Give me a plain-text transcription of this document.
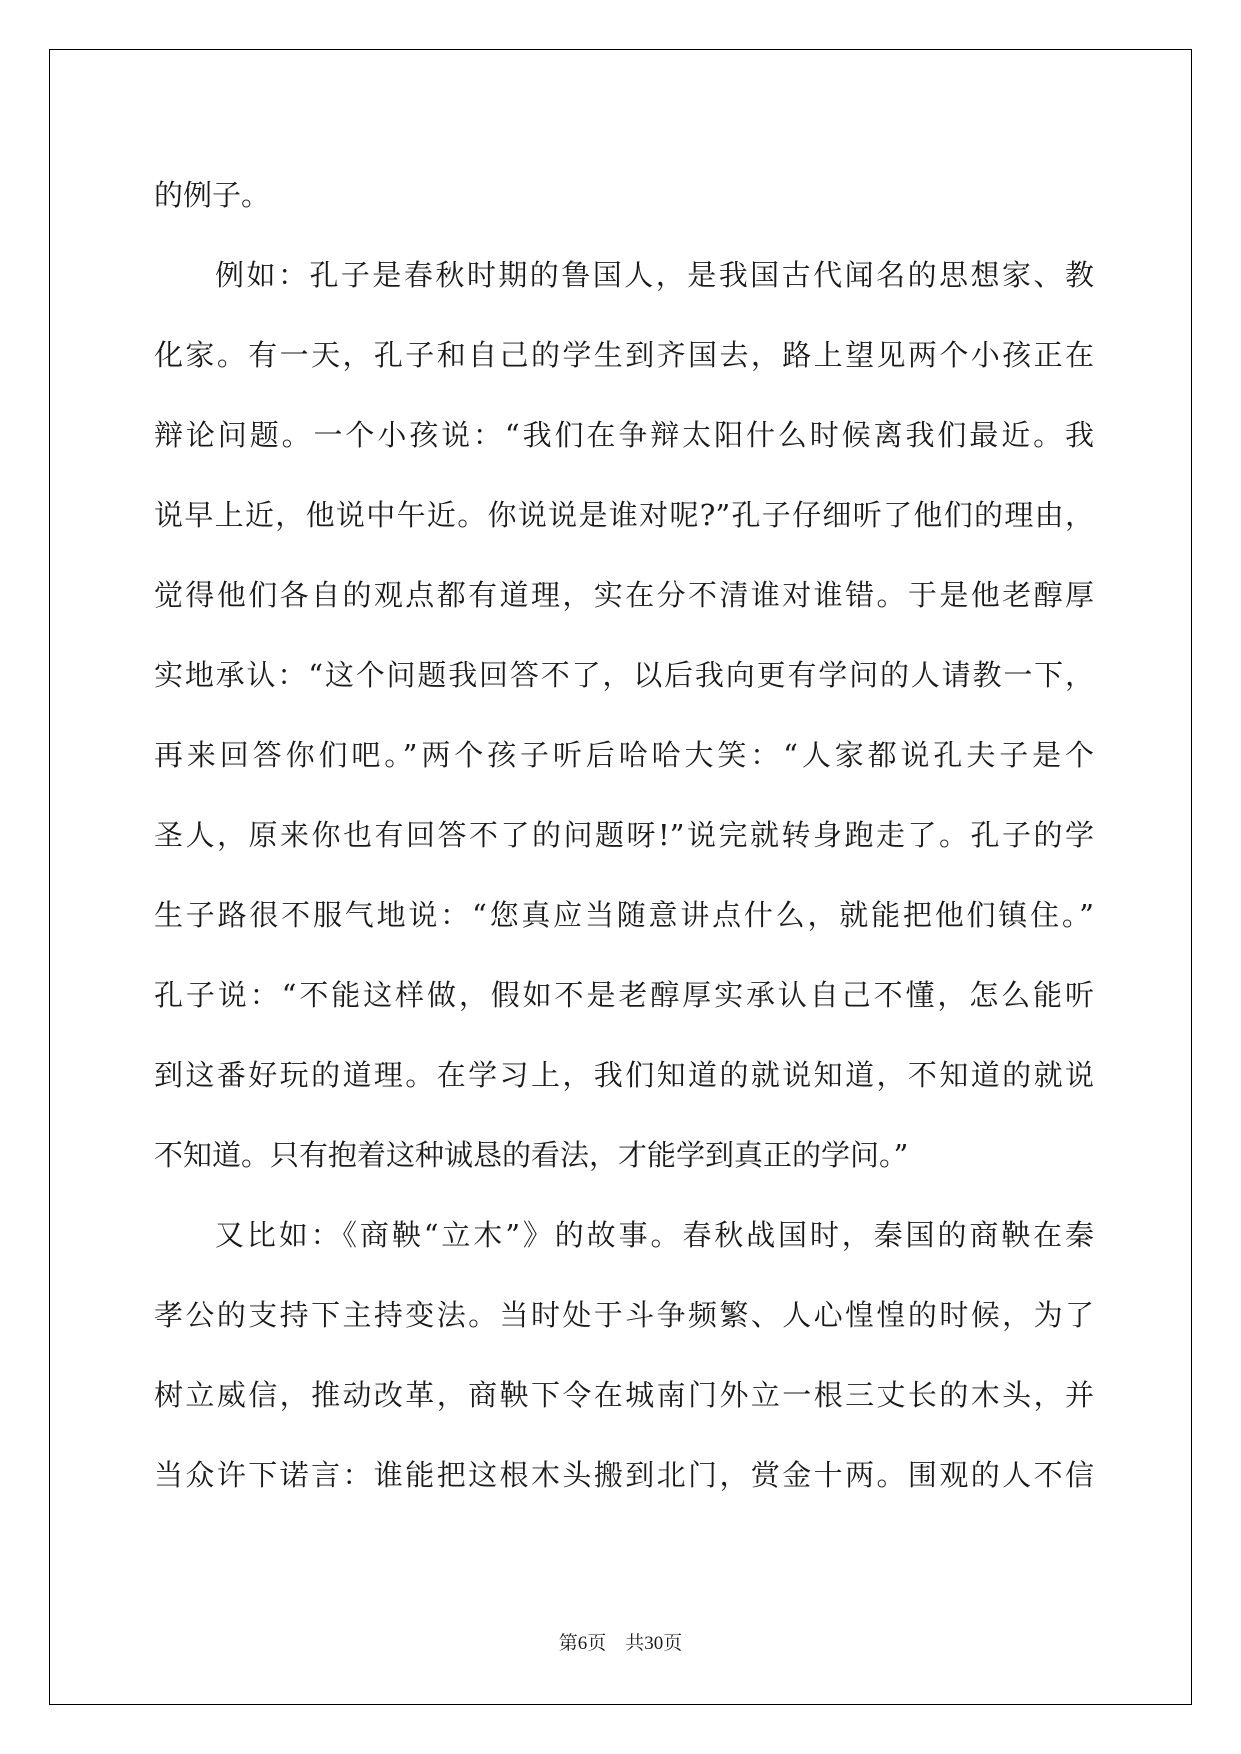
的例子。
例如：孔子是春秋时期的鲁国人，是我国古代闻名的思想家、教
化家。有一天，孔子和自己的学生到齐国去，路上望见两个小孩正在
辩论问题。一个小孩说：“我们在争辩太阳什么时候离我们最近。我
说早上近，他说中午近。你说说是谁对呢?”孔子仔细听了他们的理由，
觉得他们各自的观点都有道理，实在分不清谁对谁错。于是他老醇厚
实地承认：“这个问题我回答不了，以后我向更有学问的人请教一下，
再来回答你们吧。”两个孩子听后哈哈大笑：“人家都说孔夫子是个
圣人，原来你也有回答不了的问题呀!”说完就转身跑走了。孔子的学
生子路很不服气地说：“您真应当随意讲点什么，就能把他们镇住。”
孔子说：“不能这样做，假如不是老醇厚实承认自己不懂，怎么能听
到这番好玩的道理。在学习上，我们知道的就说知道，不知道的就说
不知道。只有抱着这种诚恳的看法，才能学到真正的学问。”
又比如：《商鞅“立木”》的故事。春秋战国时，秦国的商鞅在秦
孝公的支持下主持变法。当时处于斗争频繁、人心惶惶的时候，为了
树立威信，推动改革，商鞅下令在城南门外立一根三丈长的木头，并
当众许下诺言：谁能把这根木头搬到北门，赏金十两。围观的人不信
第6页 共30页
